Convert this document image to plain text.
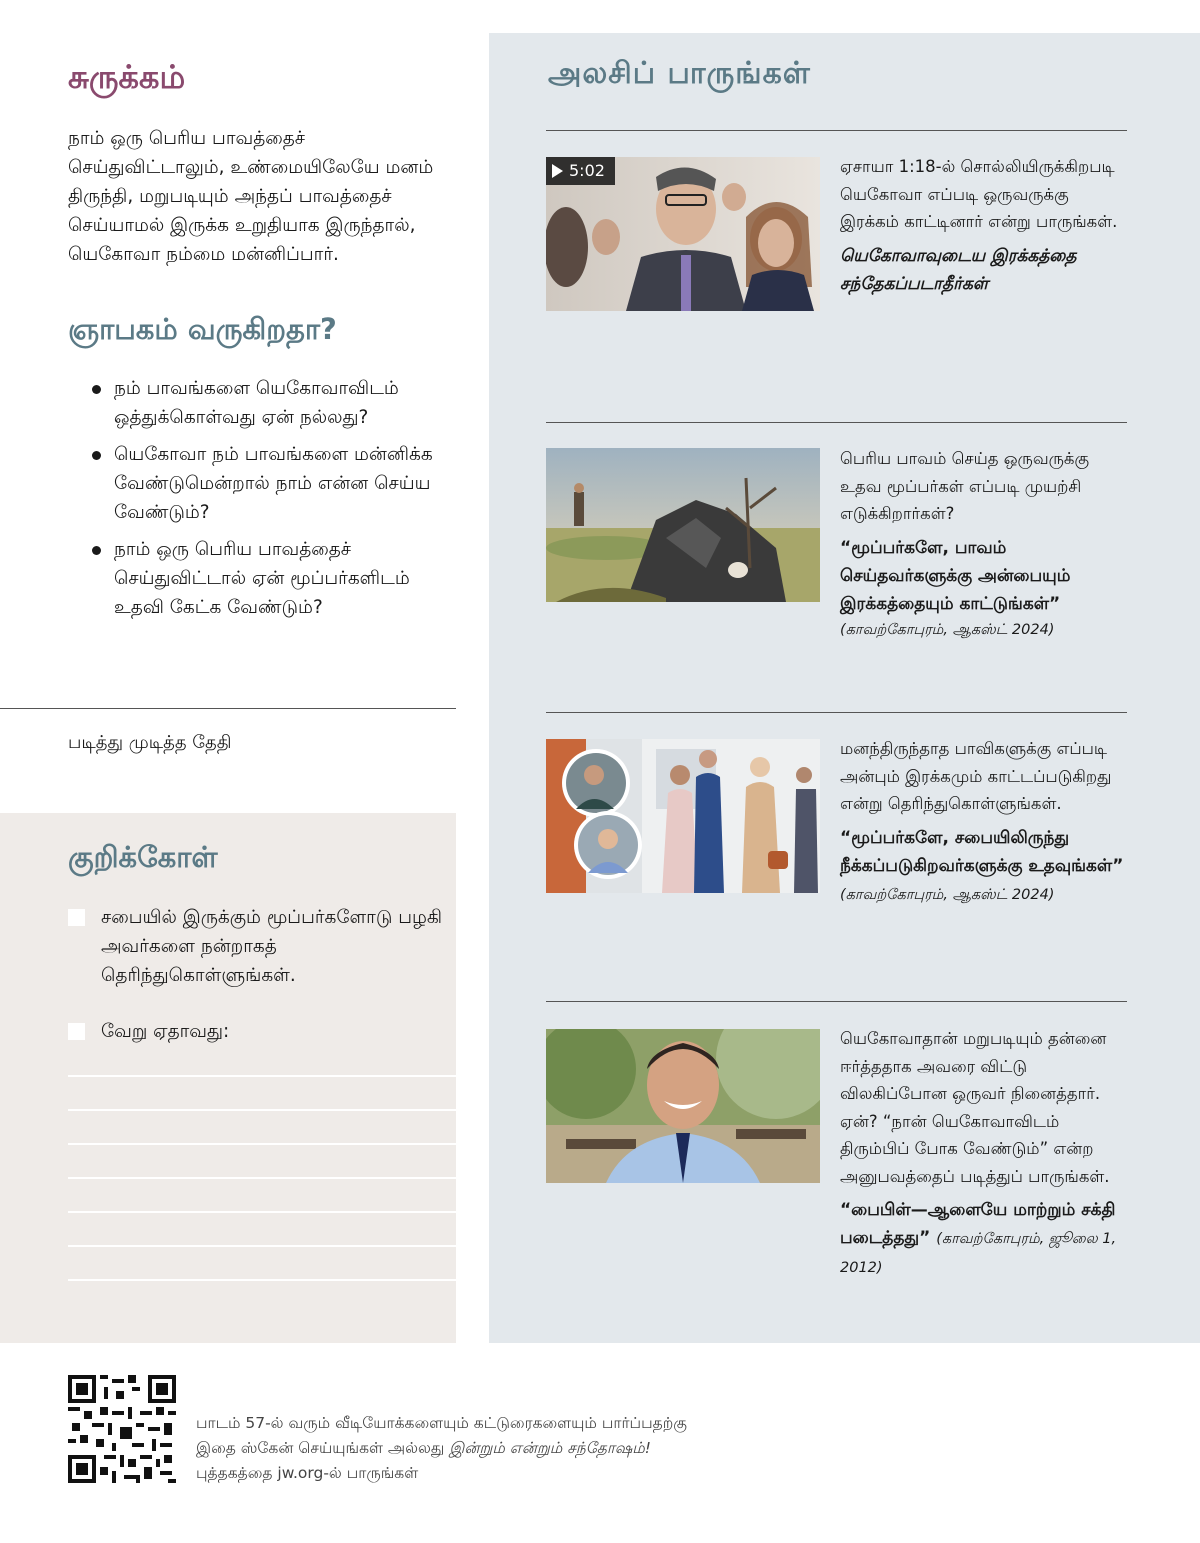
சுருக்கம்

நாம் ஒரு பெரிய பாவத்தைச் செய்துவிட்டாலும், உண்மையிலேயே மனம் திருந்தி, மறுபடியும் அந்தப் பாவத்தைச் செய்யாமல் இருக்க உறுதியாக இருந்தால், யெகோவா நம்மை மன்னிப்பார்.

ஞாபகம் வருகிறதா?
நம் பாவங்களை யெகோவாவிடம் ஒத்துக்கொள்வது ஏன் நல்லது?
யெகோவா நம் பாவங்களை மன்னிக்க வேண்டுமென்றால் நாம் என்ன செய்ய வேண்டும்?
நாம் ஒரு பெரிய பாவத்தைச் செய்துவிட்டால் ஏன் மூப்பர்களிடம் உதவி கேட்க வேண்டும்?
படித்து முடித்த தேதி
குறிக்கோள்
சபையில் இருக்கும் மூப்பர்களோடு பழகி அவர்களை நன்றாகத் தெரிந்துகொள்ளுங்கள்.
வேறு ஏதாவது:
அலசிப் பாருங்கள்
5:02	ஏசாயா 1:18-ல் சொல்லியிருக்கிறபடி யெகோவா எப்படி ஒருவருக்கு இரக்கம் காட்டினார் என்று பாருங்கள்.
யெகோவாவுடைய இரக்கத்தை சந்தேகப்படாதீர்கள்
பெரிய பாவம் செய்த ஒருவருக்கு உதவ மூப்பர்கள் எப்படி முயற்சி எடுக்கிறார்கள்?
“மூப்பர்களே, பாவம் செய்தவர்களுக்கு அன்பையும் இரக்கத்தையும் காட்டுங்கள்”
(காவற்கோபுரம், ஆகஸ்ட் 2024)
மனந்திருந்தாத பாவிகளுக்கு எப்படி அன்பும் இரக்கமும் காட்டப்படுகிறது என்று தெரிந்துகொள்ளுங்கள்.
“மூப்பர்களே, சபையிலிருந்து நீக்கப்படுகிறவர்களுக்கு உதவுங்கள்” (காவற்கோபுரம், ஆகஸ்ட் 2024)
யெகோவாதான் மறுபடியும் தன்னை ஈர்த்ததாக அவரை விட்டு விலகிப்போன ஒருவர் நினைத்தார். ஏன்? “நான் யெகோவாவிடம் திரும்பிப் போக வேண்டும்” என்ற அனுபவத்தைப் படித்துப் பாருங்கள்.
“பைபிள்—ஆளையே மாற்றும் சக்தி படைத்தது” (காவற்கோபுரம், ஜூலை 1, 2012)

பாடம் 57-ல் வரும் வீடியோக்களையும் கட்டுரைகளையும் பார்ப்பதற்கு இதை ஸ்கேன் செய்யுங்கள் அல்லது இன்றும் என்றும் சந்தோஷம்! புத்தகத்தை jw.org-ல் பாருங்கள்
